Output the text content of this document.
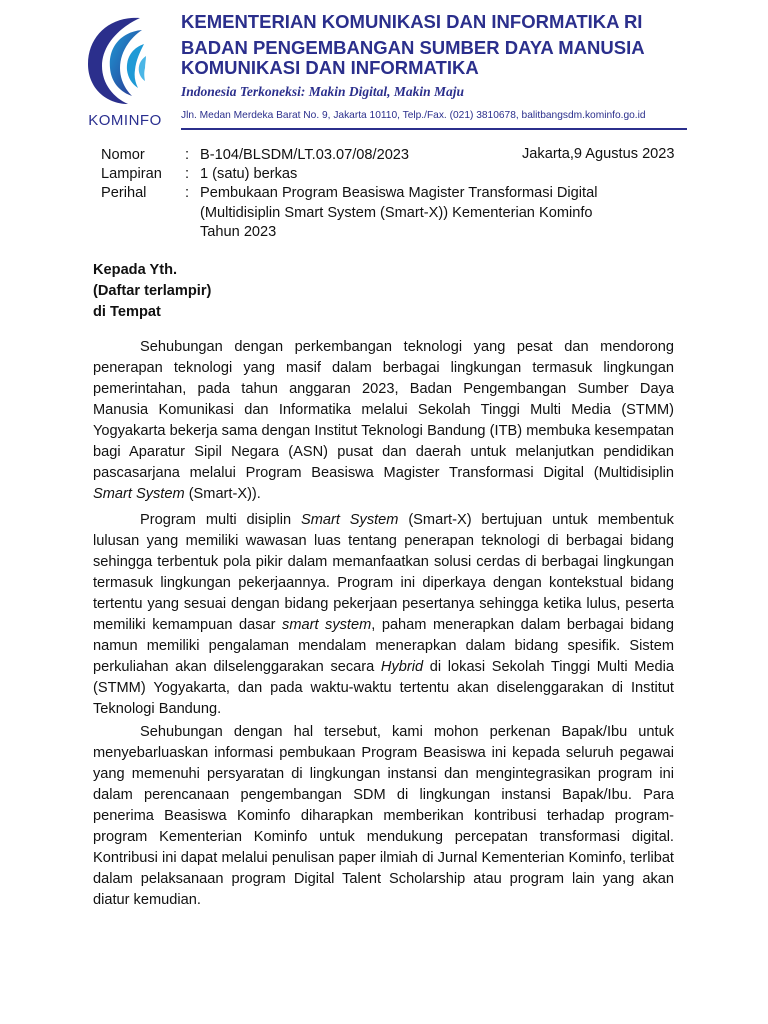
KOMINFO
KEMENTERIAN KOMUNIKASI DAN INFORMATIKA RI
BADAN PENGEMBANGAN SUMBER DAYA MANUSIA
KOMUNIKASI DAN INFORMATIKA
Indonesia Terkoneksi: Makin Digital, Makin Maju
Jln. Medan Merdeka Barat No. 9, Jakarta 10110, Telp./Fax. (021) 3810678, balitbangsdm.kominfo.go.id
Nomor	: B-104/BLSDM/LT.03.07/08/2023	Jakarta,9 Agustus 2023
Lampiran : 1 (satu) berkas
Perihal	: Pembukaan Program Beasiswa Magister Transformasi Digital
(Multidisiplin Smart System (Smart-X)) Kementerian Kominfo
Tahun 2023
Kepada Yth.
(Daftar terlampir)
di Tempat

Sehubungan dengan perkembangan teknologi yang pesat dan mendorong penerapan teknologi yang masif dalam berbagai lingkungan termasuk lingkungan pemerintahan, pada tahun anggaran 2023, Badan Pengembangan Sumber Daya Manusia Komunikasi dan Informatika melalui Sekolah Tinggi Multi Media (STMM) Yogyakarta bekerja sama dengan Institut Teknologi Bandung (ITB) membuka kesempatan bagi Aparatur Sipil Negara (ASN) pusat dan daerah untuk melanjutkan pendidikan pascasarjana melalui Program Beasiswa Magister Transformasi Digital (Multidisiplin Smart System (Smart-X)).

Program multi disiplin Smart System (Smart-X) bertujuan untuk membentuk lulusan yang memiliki wawasan luas tentang penerapan teknologi di berbagai bidang sehingga terbentuk pola pikir dalam memanfaatkan solusi cerdas di berbagai lingkungan termasuk lingkungan pekerjaannya. Program ini diperkaya dengan kontekstual bidang tertentu yang sesuai dengan bidang pekerjaan pesertanya sehingga ketika lulus, peserta memiliki kemampuan dasar smart system, paham menerapkan dalam berbagai bidang namun memiliki pengalaman mendalam menerapkan dalam bidang spesifik. Sistem perkuliahan akan dilselenggarakan secara Hybrid di lokasi Sekolah Tinggi Multi Media (STMM) Yogyakarta, dan pada waktu-waktu tertentu akan diselenggarakan di Institut Teknologi Bandung.

Sehubungan dengan hal tersebut, kami mohon perkenan Bapak/Ibu untuk menyebarluaskan informasi pembukaan Program Beasiswa ini kepada seluruh pegawai yang memenuhi persyaratan di lingkungan instansi dan mengintegrasikan program ini dalam perencanaan pengembangan SDM di lingkungan instansi Bapak/Ibu. Para penerima Beasiswa Kominfo diharapkan memberikan kontribusi terhadap program-program Kementerian Kominfo untuk mendukung percepatan transformasi digital. Kontribusi ini dapat melalui penulisan paper ilmiah di Jurnal Kementerian Kominfo, terlibat dalam pelaksanaan program Digital Talent Scholarship atau program lain yang akan diatur kemudian.
